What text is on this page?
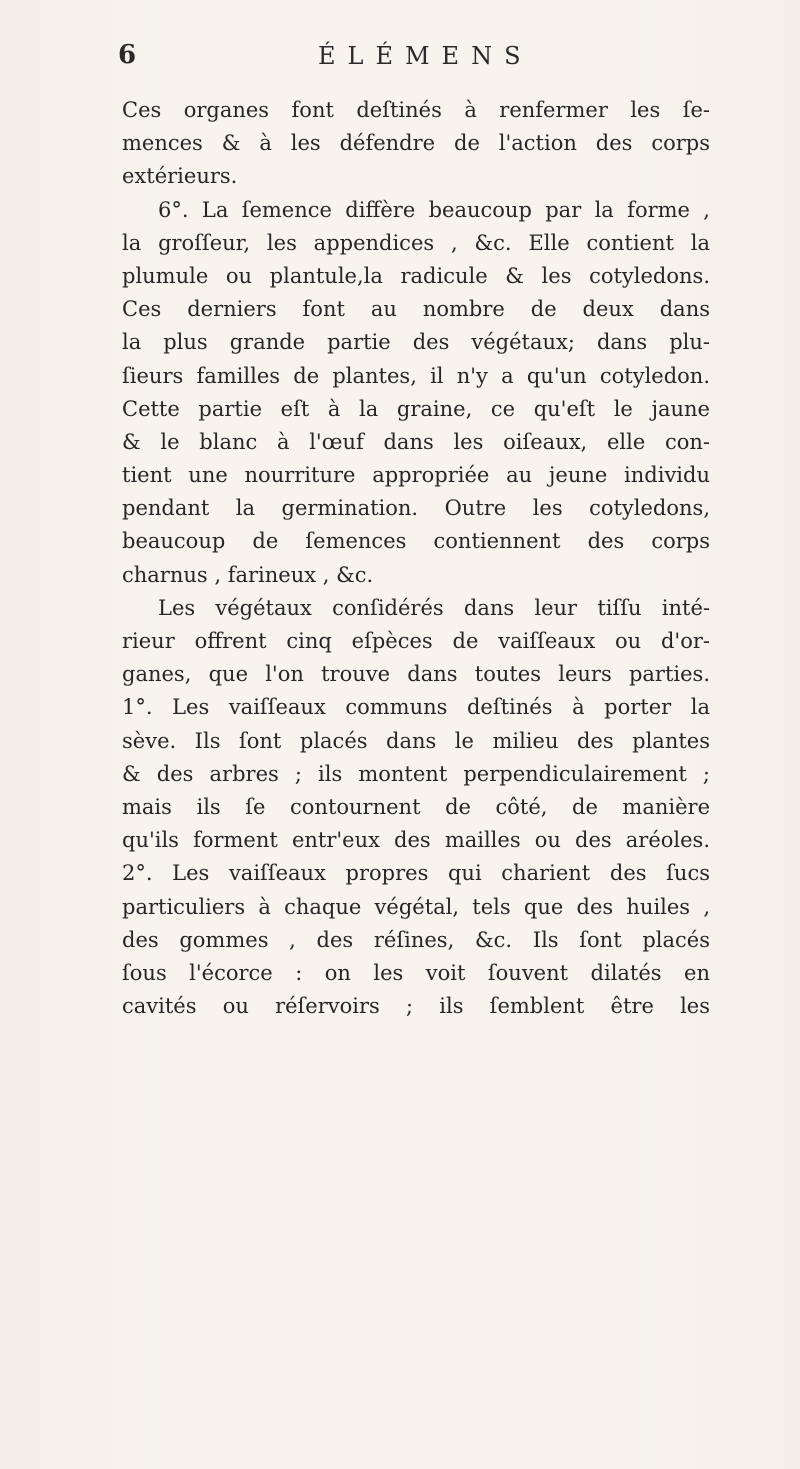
6	ÉLÉMENS
Ces organes font deſtinés à renfermer les ſe-
mences & à les défendre de l'action des corps
extérieurs.
6°. La ſemence diffère beaucoup par la forme ,
la groſſeur, les appendices , &c. Elle contient la
plumule ou plantule,la radicule & les cotyledons.
Ces derniers font au nombre de deux dans
la plus grande partie des végétaux; dans plu-
ſieurs familles de plantes, il n'y a qu'un cotyledon.
Cette partie eſt à la graine, ce qu'eſt le jaune
& le blanc à l'œuf dans les oiſeaux, elle con-
tient une nourriture appropriée au jeune individu
pendant la germination. Outre les cotyledons,
beaucoup de ſemences contiennent des corps
charnus , farineux , &c.
Les végétaux conſidérés dans leur tiſſu inté-
rieur offrent cinq eſpèces de vaiſſeaux ou d'or-
ganes, que l'on trouve dans toutes leurs parties.
1°. Les vaiſſeaux communs deſtinés à porter la
sève. Ils ſont placés dans le milieu des plantes
& des arbres ; ils montent perpendiculairement ;
mais ils ſe contournent de côté, de manière
qu'ils forment entr'eux des mailles ou des aréoles.
2°. Les vaiſſeaux propres qui charient des ſucs
particuliers à chaque végétal, tels que des huiles ,
des gommes , des réſines, &c. Ils ſont placés
ſous l'écorce : on les voit ſouvent dilatés en
cavités ou réſervoirs ; ils ſemblent être les
